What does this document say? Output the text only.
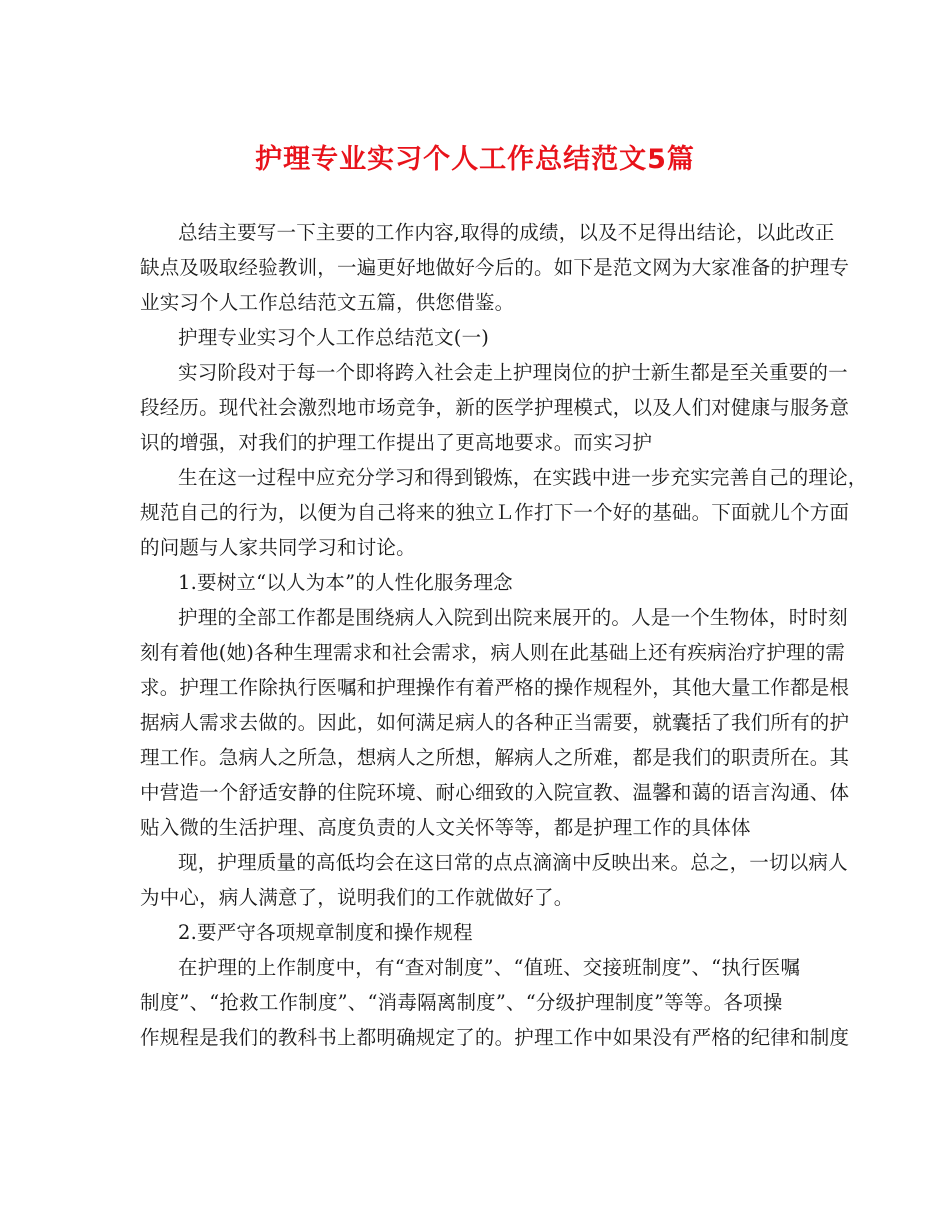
护理专业实习个人工作总结范文5篇
总结主要写一下主要的工作内容,取得的成绩，以及不足得出结论，以此改正
缺点及吸取经验教训，一遍更好地做好今后的。如下是范文网为大家准备的护理专
业实习个人工作总结范文五篇，供您借鉴。
护理专业实习个人工作总结范文(一)
实习阶段对于每一个即将跨入社会走上护理岗位的护士新生都是至关重要的一
段经历。现代社会激烈地市场竞争，新的医学护理模式，以及人们对健康与服务意
识的增强，对我们的护理工作提出了更高地要求。而实习护
生在这一过程中应充分学习和得到锻炼，在实践中进一步充实完善自己的理论，
规范自己的行为，以便为自己将来的独立Ｌ作打下一个好的基础。下面就儿个方面
的问题与人家共同学习和讨论。
1.要树立“以人为本”的人性化服务理念
护理的全部工作都是围绕病人入院到出院来展开的。人是一个生物体，时时刻
刻有着他(她)各种生理需求和社会需求，病人则在此基础上还有疾病治疗护理的需
求。护理工作除执行医嘱和护理操作有着严格的操作规程外，其他大量工作都是根
据病人需求去做的。因此，如何满足病人的各种正当需要，就囊括了我们所有的护
理工作。急病人之所急，想病人之所想，解病人之所难，都是我们的职责所在。其
中营造一个舒适安静的住院环境、耐心细致的入院宣教、温馨和蔼的语言沟通、体
贴入微的生活护理、高度负责的人文关怀等等，都是护理工作的具体体
现，护理质量的高低均会在这曰常的点点滴滴中反映出来。总之，一切以病人
为中心，病人满意了，说明我们的工作就做好了。
2.要严守各项规章制度和操作规程
在护理的上作制度中，有“查对制度”、“值班、交接班制度”、“执行医嘱
制度”、“抢救工作制度”、“消毒隔离制度”、“分级护理制度”等等。各项操
作规程是我们的教科书上都明确规定了的。护理工作中如果没有严格的纪律和制度
